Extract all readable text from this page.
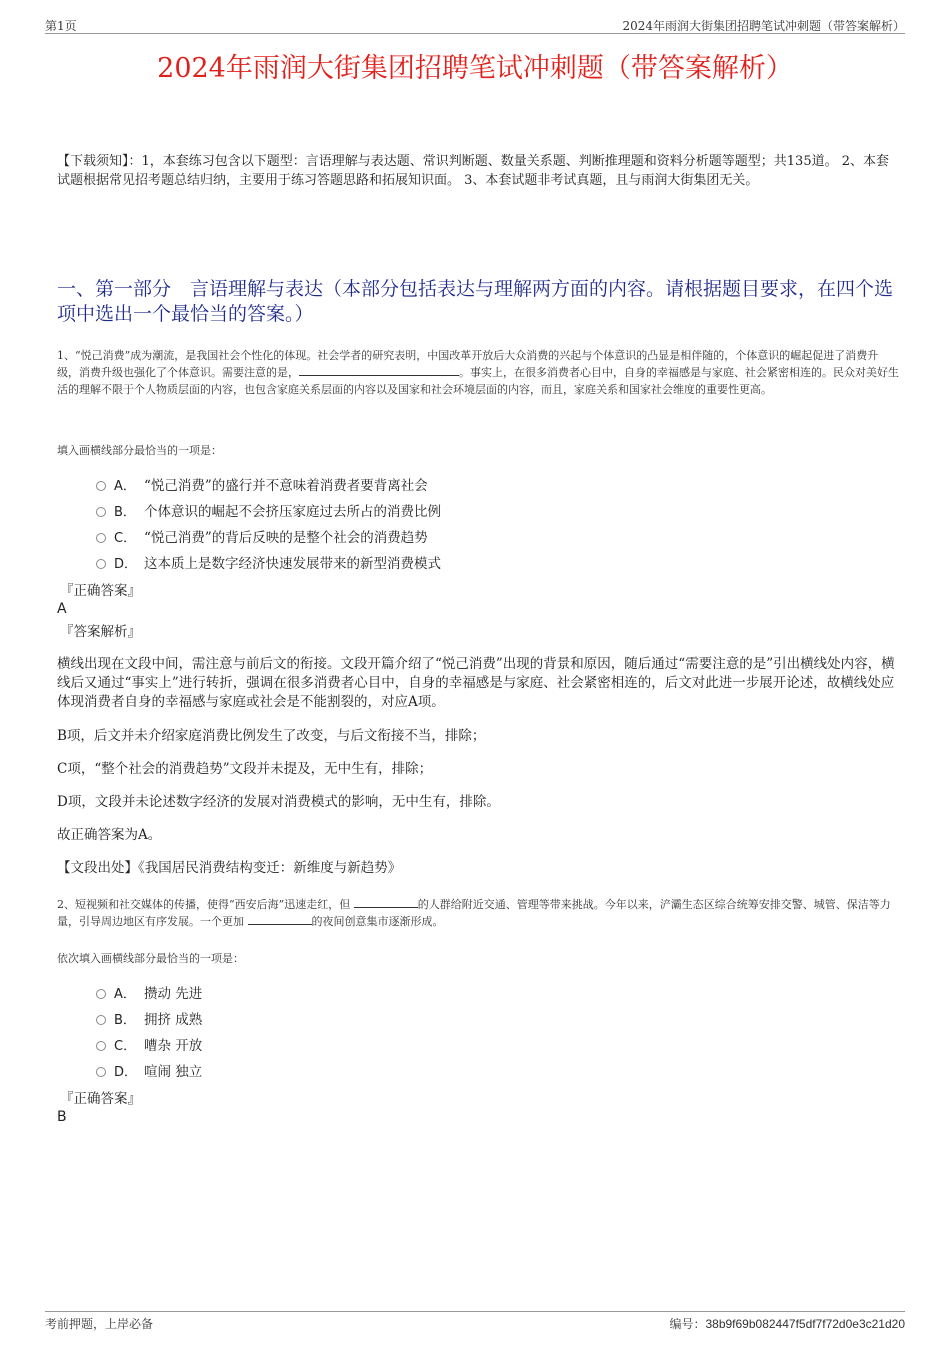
第1页	2024年雨润大街集团招聘笔试冲刺题（带答案解析）
2024年雨润大街集团招聘笔试冲刺题（带答案解析）
【下载须知】：1，本套练习包含以下题型：言语理解与表达题、常识判断题、数量关系题、判断推理题和资料分析题等题型；共135道。 2、本套试题根据常见招考题总结归纳，主要用于练习答题思路和拓展知识面。 3、本套试题非考试真题，且与雨润大街集团无关。
一、第一部分　言语理解与表达（本部分包括表达与理解两方面的内容。请根据题目要求，在四个选项中选出一个最恰当的答案。）
1、“悦己消费”成为潮流，是我国社会个性化的体现。社会学者的研究表明，中国改革开放后大众消费的兴起与个体意识的凸显是相伴随的，个体意识的崛起促进了消费升级，消费升级也强化了个体意识。需要注意的是，	。事实上，在很多消费者心目中，自身的幸福感是与家庭、社会紧密相连的。民众对美好生活的理解不限于个人物质层面的内容，也包含家庭关系层面的内容以及国家和社会环境层面的内容，而且，家庭关系和国家社会维度的重要性更高。
填入画横线部分最恰当的一项是：
A． “悦己消费”的盛行并不意味着消费者要背离社会
B． 个体意识的崛起不会挤压家庭过去所占的消费比例
C． “悦己消费”的背后反映的是整个社会的消费趋势
D． 这本质上是数字经济快速发展带来的新型消费模式
『正确答案』
A
『答案解析』
横线出现在文段中间，需注意与前后文的衔接。文段开篇介绍了“悦己消费”出现的背景和原因，随后通过“需要注意的是”引出横线处内容，横线后又通过“事实上”进行转折，强调在很多消费者心目中，自身的幸福感是与家庭、社会紧密相连的，后文对此进一步展开论述，故横线处应体现消费者自身的幸福感与家庭或社会是不能割裂的，对应A项。
B项，后文并未介绍家庭消费比例发生了改变，与后文衔接不当，排除；
C项，“整个社会的消费趋势”文段并未提及，无中生有，排除；
D项，文段并未论述数字经济的发展对消费模式的影响，无中生有，排除。
故正确答案为A。
【文段出处】《我国居民消费结构变迁：新维度与新趋势》
2、短视频和社交媒体的传播，使得“西安后海”迅速走红，但	的人群给附近交通、管理等带来挑战。今年以来，浐灞生态区综合统筹安排交警、城管、保洁等力量，引导周边地区有序发展。一个更加	的夜间创意集市逐渐形成。
依次填入画横线部分最恰当的一项是：
A． 攒动 先进
B． 拥挤 成熟
C． 嘈杂 开放
D． 喧闹 独立
『正确答案』
B
考前押题，上岸必备	编号：38b9f69b082447f5df7f72d0e3c21d20
